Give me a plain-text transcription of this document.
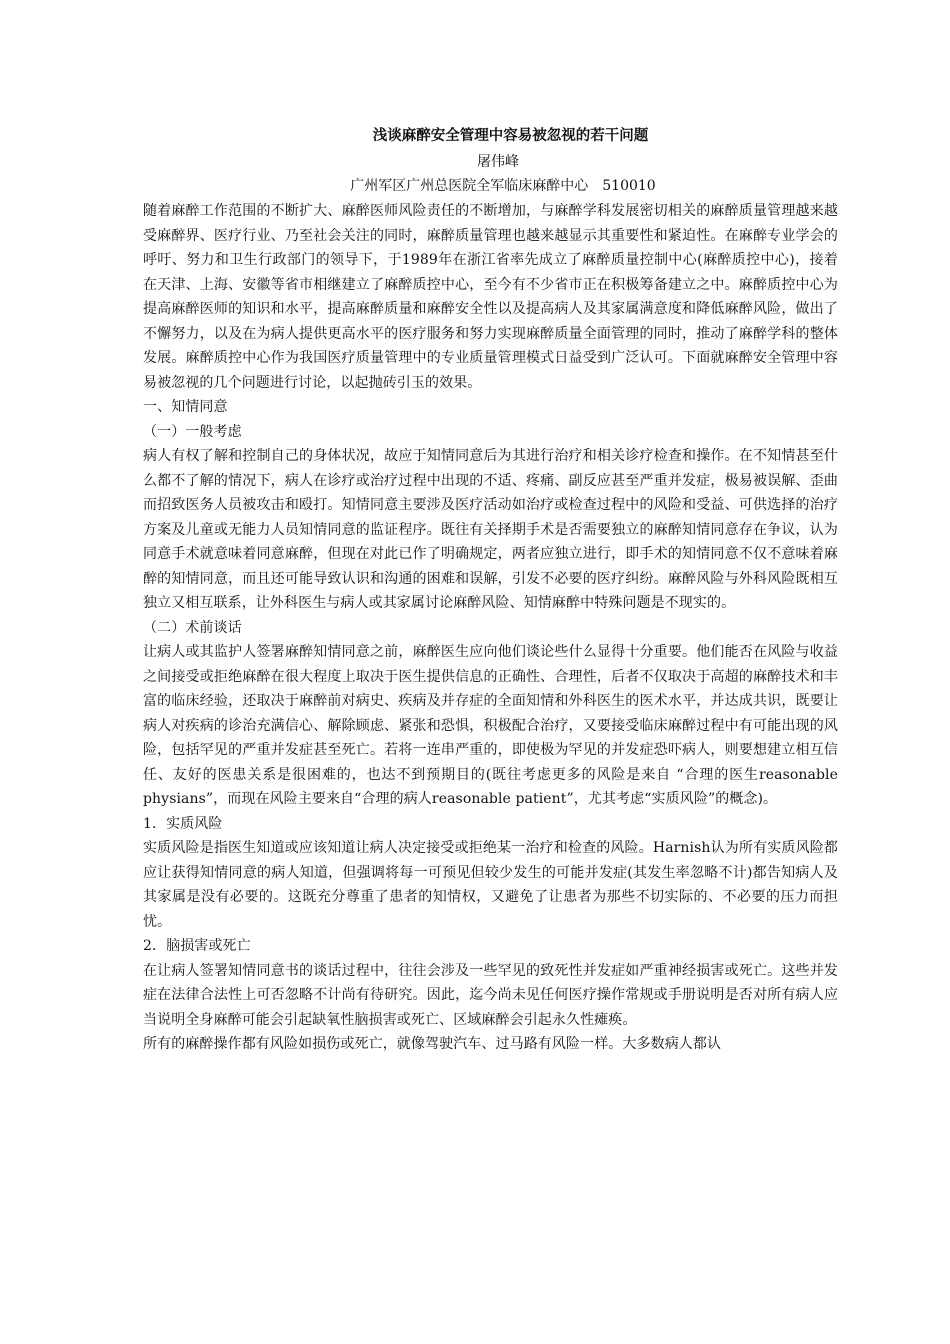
浅谈麻醉安全管理中容易被忽视的若干问题
屠伟峰
广州军区广州总医院全军临床麻醉中心　510010

随着麻醉工作范围的不断扩大、麻醉医师风险责任的不断增加，与麻醉学科发展密切相关的麻醉质量管理越来越受麻醉界、医疗行业、乃至社会关注的同时，麻醉质量管理也越来越显示其重要性和紧迫性。在麻醉专业学会的呼吁、努力和卫生行政部门的领导下，于1989年在浙江省率先成立了麻醉质量控制中心(麻醉质控中心)，接着在天津、上海、安徽等省市相继建立了麻醉质控中心，至今有不少省市正在积极筹备建立之中。麻醉质控中心为提高麻醉医师的知识和水平，提高麻醉质量和麻醉安全性以及提高病人及其家属满意度和降低麻醉风险，做出了不懈努力，以及在为病人提供更高水平的医疗服务和努力实现麻醉质量全面管理的同时，推动了麻醉学科的整体发展。麻醉质控中心作为我国医疗质量管理中的专业质量管理模式日益受到广泛认可。下面就麻醉安全管理中容易被忽视的几个问题进行讨论，以起抛砖引玉的效果。

一、知情同意

（一）一般考虑

病人有权了解和控制自己的身体状况，故应于知情同意后为其进行治疗和相关诊疗检查和操作。在不知情甚至什么都不了解的情况下，病人在诊疗或治疗过程中出现的不适、疼痛、副反应甚至严重并发症，极易被误解、歪曲而招致医务人员被攻击和殴打。知情同意主要涉及医疗活动如治疗或检查过程中的风险和受益、可供选择的治疗方案及儿童或无能力人员知情同意的监证程序。既往有关择期手术是否需要独立的麻醉知情同意存在争议，认为同意手术就意味着同意麻醉，但现在对此已作了明确规定，两者应独立进行，即手术的知情同意不仅不意味着麻醉的知情同意，而且还可能导致认识和沟通的困难和误解，引发不必要的医疗纠纷。麻醉风险与外科风险既相互独立又相互联系，让外科医生与病人或其家属讨论麻醉风险、知情麻醉中特殊问题是不现实的。

（二）术前谈话

让病人或其监护人签署麻醉知情同意之前，麻醉医生应向他们谈论些什么显得十分重要。他们能否在风险与收益之间接受或拒绝麻醉在很大程度上取决于医生提供信息的正确性、合理性，后者不仅取决于高超的麻醉技术和丰富的临床经验，还取决于麻醉前对病史、疾病及并存症的全面知情和外科医生的医术水平，并达成共识，既要让病人对疾病的诊治充满信心、解除顾虑、紧张和恐惧，积极配合治疗，又要接受临床麻醉过程中有可能出现的风险，包括罕见的严重并发症甚至死亡。若将一连串严重的，即使极为罕见的并发症恐吓病人，则要想建立相互信任、友好的医患关系是很困难的，也达不到预期目的(既往考虑更多的风险是来自 “合理的医生reasonable physians”，而现在风险主要来自“合理的病人reasonable patient”，尤其考虑“实质风险”的概念)。

1．实质风险

实质风险是指医生知道或应该知道让病人决定接受或拒绝某一治疗和检查的风险。Harnish认为所有实质风险都应让获得知情同意的病人知道，但强调将每一可预见但较少发生的可能并发症(其发生率忽略不计)都告知病人及其家属是没有必要的。这既充分尊重了患者的知情权，又避免了让患者为那些不切实际的、不必要的压力而担忧。

2．脑损害或死亡

在让病人签署知情同意书的谈话过程中，往往会涉及一些罕见的致死性并发症如严重神经损害或死亡。这些并发症在法律合法性上可否忽略不计尚有待研究。因此，迄今尚未见任何医疗操作常规或手册说明是否对所有病人应当说明全身麻醉可能会引起缺氧性脑损害或死亡、区域麻醉会引起永久性瘫痪。

所有的麻醉操作都有风险如损伤或死亡，就像驾驶汽车、过马路有风险一样。大多数病人都认
